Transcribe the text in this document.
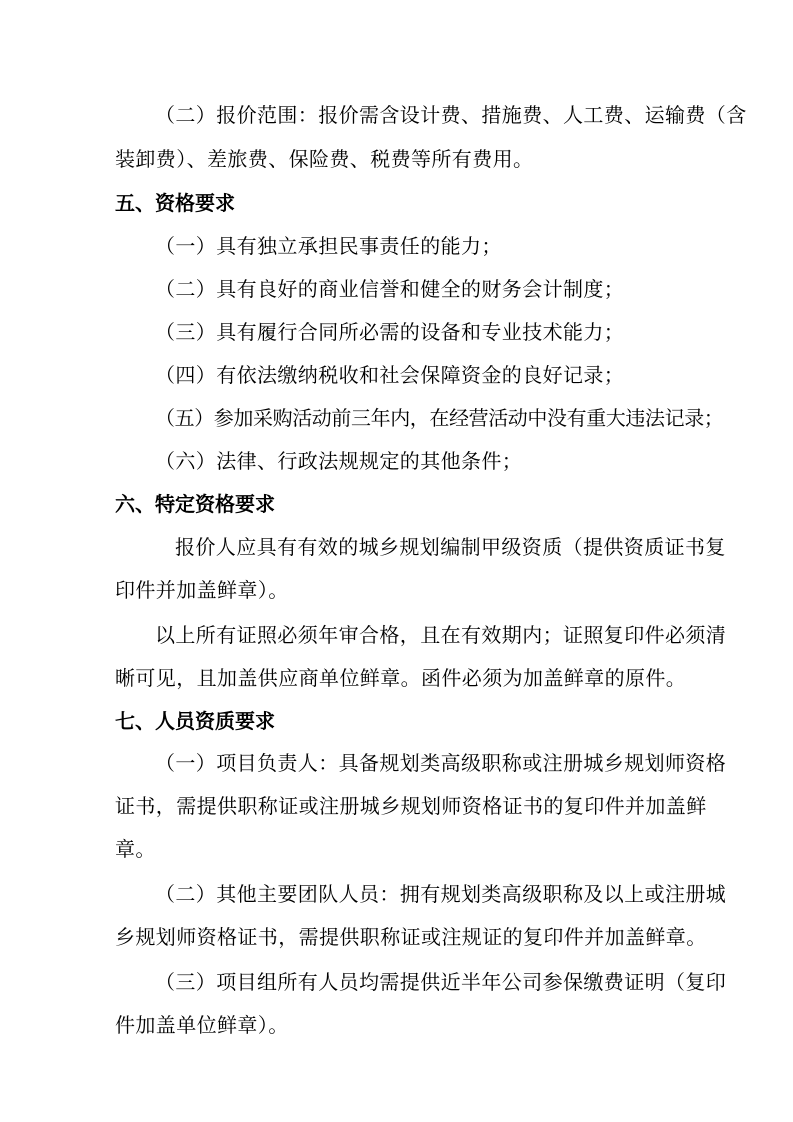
（二）报价范围：报价需含设计费、措施费、人工费、运输费（含

装卸费）、差旅费、保险费、税费等所有费用。

五、资格要求

（一）具有独立承担民事责任的能力；

（二）具有良好的商业信誉和健全的财务会计制度；

（三）具有履行合同所必需的设备和专业技术能力；

（四）有依法缴纳税收和社会保障资金的良好记录；

（五）参加采购活动前三年内，在经营活动中没有重大违法记录；

（六）法律、行政法规规定的其他条件；

六、特定资格要求

报价人应具有有效的城乡规划编制甲级资质（提供资质证书复

印件并加盖鲜章）。

以上所有证照必须年审合格，且在有效期内；证照复印件必须清

晰可见，且加盖供应商单位鲜章。函件必须为加盖鲜章的原件。

七、人员资质要求

（一）项目负责人：具备规划类高级职称或注册城乡规划师资格

证书，需提供职称证或注册城乡规划师资格证书的复印件并加盖鲜

章。

（二）其他主要团队人员：拥有规划类高级职称及以上或注册城

乡规划师资格证书，需提供职称证或注规证的复印件并加盖鲜章。

（三）项目组所有人员均需提供近半年公司参保缴费证明（复印

件加盖单位鲜章）。
